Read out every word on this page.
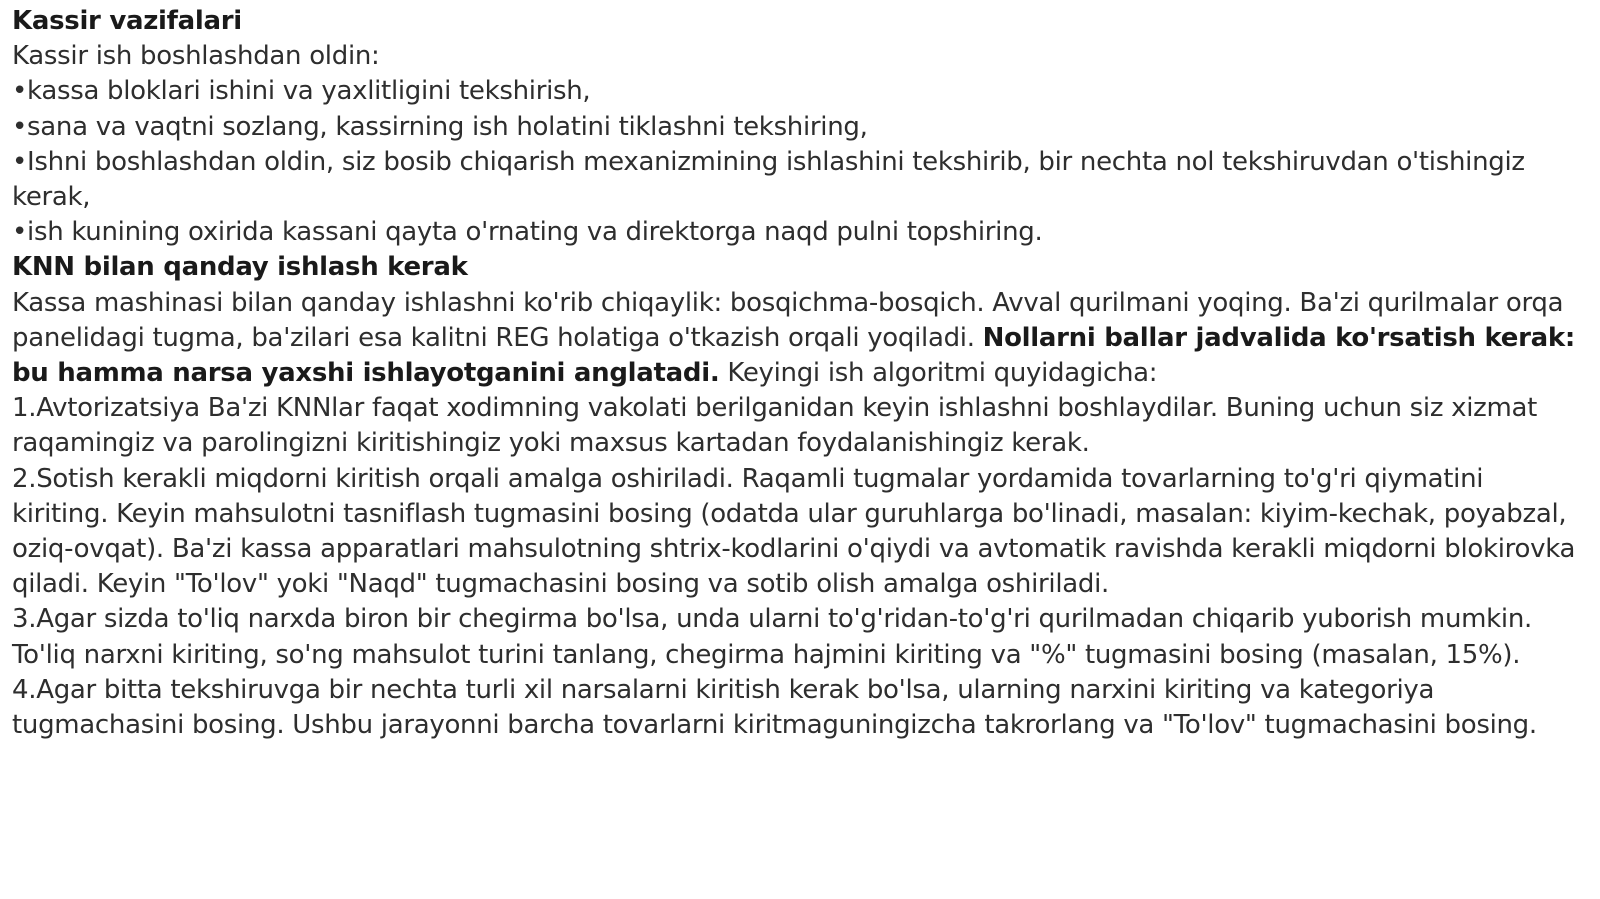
Kassir vazifalari

Kassir ish boshlashdan oldin:

•kassa bloklari ishini va yaxlitligini tekshirish,

•sana va vaqtni sozlang, kassirning ish holatini tiklashni tekshiring,

•Ishni boshlashdan oldin, siz bosib chiqarish mexanizmining ishlashini tekshirib, bir nechta nol tekshiruvdan o'tishingiz kerak,

•ish kunining oxirida kassani qayta o'rnating va direktorga naqd pulni topshiring.

KNN bilan qanday ishlash kerak

Kassa mashinasi bilan qanday ishlashni ko'rib chiqaylik: bosqichma-bosqich. Avval qurilmani yoqing. Ba'zi qurilmalar orqa panelidagi tugma, ba'zilari esa kalitni REG holatiga o'tkazish orqali yoqiladi. Nollarni ballar jadvalida ko'rsatish kerak: bu hamma narsa yaxshi ishlayotganini anglatadi. Keyingi ish algoritmi quyidagicha:

1.Avtorizatsiya Ba'zi KNNlar faqat xodimning vakolati berilganidan keyin ishlashni boshlaydilar. Buning uchun siz xizmat raqamingiz va parolingizni kiritishingiz yoki maxsus kartadan foydalanishingiz kerak.

2.Sotish kerakli miqdorni kiritish orqali amalga oshiriladi. Raqamli tugmalar yordamida tovarlarning to'g'ri qiymatini kiriting. Keyin mahsulotni tasniflash tugmasini bosing (odatda ular guruhlarga bo'linadi, masalan: kiyim-kechak, poyabzal, oziq-ovqat). Ba'zi kassa apparatlari mahsulotning shtrix-kodlarini o'qiydi va avtomatik ravishda kerakli miqdorni blokirovka qiladi. Keyin "To'lov" yoki "Naqd" tugmachasini bosing va sotib olish amalga oshiriladi.

3.Agar sizda to'liq narxda biron bir chegirma bo'lsa, unda ularni to'g'ridan-to'g'ri qurilmadan chiqarib yuborish mumkin. To'liq narxni kiriting, so'ng mahsulot turini tanlang, chegirma hajmini kiriting va "%" tugmasini bosing (masalan, 15%).

4.Agar bitta tekshiruvga bir nechta turli xil narsalarni kiritish kerak bo'lsa, ularning narxini kiriting va kategoriya tugmachasini bosing. Ushbu jarayonni barcha tovarlarni kiritmaguningizcha takrorlang va "To'lov" tugmachasini bosing.
